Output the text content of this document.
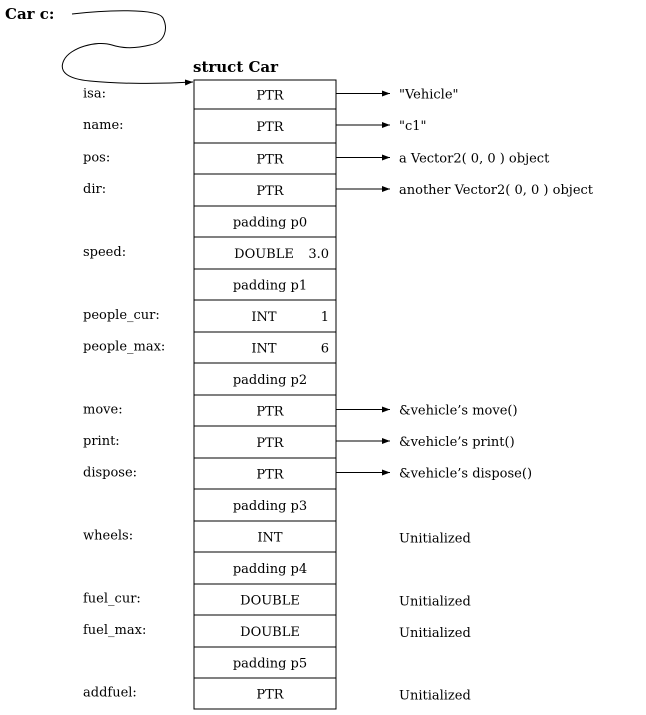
Car c:
struct Car
isa:	PTR	"Vehicle"
name:	PTR	"c1"
pos:	PTR	a Vector2( 0, 0 ) object
dir:	PTR	another Vector2( 0, 0 ) object
padding p0
speed:	DOUBLE 3.0
padding p1
people_cur:	INT	1
people_max:	INT	6
padding p2
move:	PTR	&vehicle’s move()
print:	PTR	&vehicle’s print()
dispose:	PTR	&vehicle’s dispose()
padding p3
wheels:	INT	Unitialized
padding p4
fuel_cur:	DOUBLE	Unitialized
fuel_max:	DOUBLE	Unitialized
padding p5
addfuel:	PTR	Unitialized
